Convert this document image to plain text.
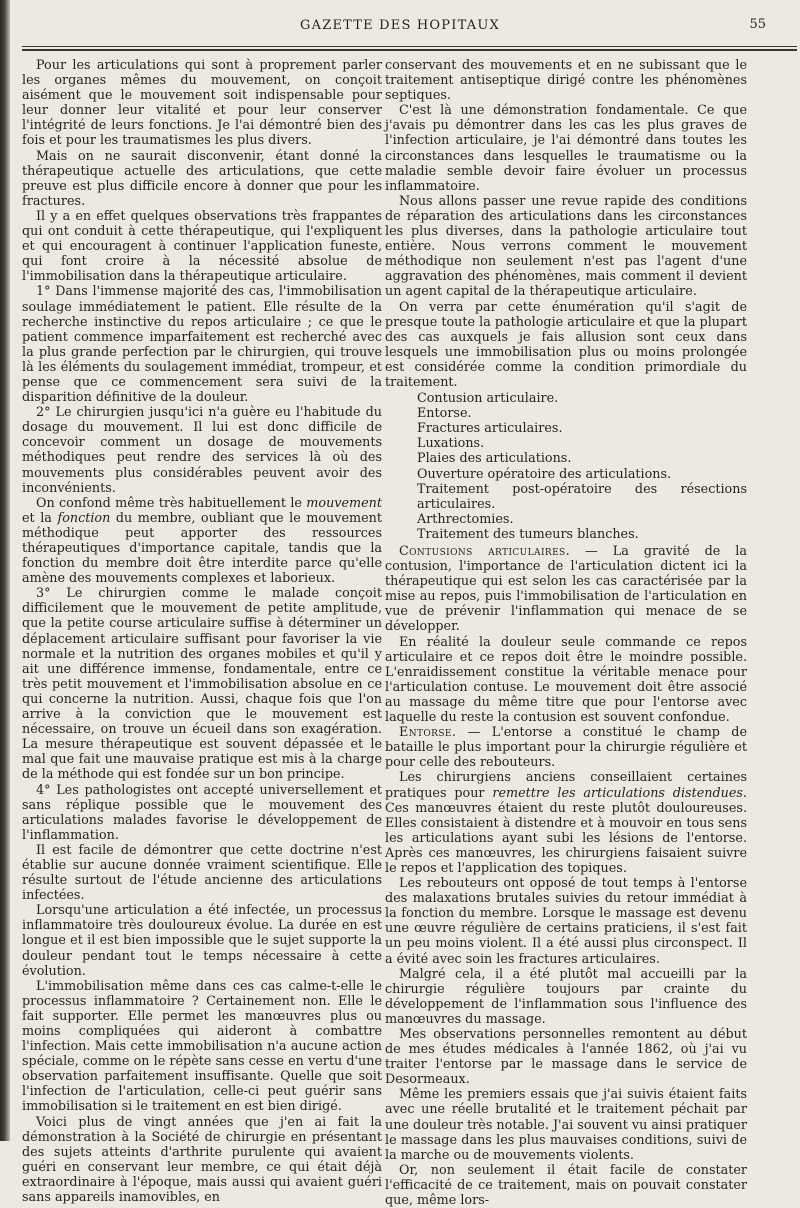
GAZETTE DES HOPITAUX	55

Pour les articulations qui sont à proprement parler les organes mêmes du mouvement, on conçoit aisément que le mouvement soit indispensable pour leur donner leur vitalité et pour leur conserver l'intégrité de leurs fonctions. Je l'ai démontré bien des fois et pour les traumatismes les plus divers.

Mais on ne saurait disconvenir, étant donné la thérapeutique actuelle des articulations, que cette preuve est plus difficile encore à donner que pour les fractures.

Il y a en effet quelques observations très frappantes qui ont conduit à cette thérapeutique, qui l'expliquent et qui encouragent à continuer l'application funeste, qui font croire à la nécessité absolue de l'immobilisation dans la thérapeutique articulaire.

1° Dans l'immense majorité des cas, l'immobilisation soulage immédiatement le patient. Elle résulte de la recherche instinctive du repos articulaire ; ce que le patient commence imparfaitement est recherché avec la plus grande perfection par le chirurgien, qui trouve là les éléments du soulagement immédiat, trompeur, et pense que ce commencement sera suivi de la disparition définitive de la douleur.

2° Le chirurgien jusqu'ici n'a guère eu l'habitude du dosage du mouvement. Il lui est donc difficile de concevoir comment un dosage de mouvements méthodiques peut rendre des services là où des mouvements plus considérables peuvent avoir des inconvénients.

On confond même très habituellement le mouvement et la fonction du membre, oubliant que le mouvement méthodique peut apporter des ressources thérapeutiques d'importance capitale, tandis que la fonction du membre doit être interdite parce qu'elle amène des mouvements complexes et laborieux.

3° Le chirurgien comme le malade conçoit difficilement que le mouvement de petite amplitude, que la petite course articulaire suffise à déterminer un déplacement articulaire suffisant pour favoriser la vie normale et la nutrition des organes mobiles et qu'il y ait une différence immense, fondamentale, entre ce très petit mouvement et l'immobilisation absolue en ce qui concerne la nutrition. Aussi, chaque fois que l'on arrive à la conviction que le mouvement est nécessaire, on trouve un écueil dans son exagération. La mesure thérapeutique est souvent dépassée et le mal que fait une mauvaise pratique est mis à la charge de la méthode qui est fondée sur un bon principe.

4° Les pathologistes ont accepté universellement et sans réplique possible que le mouvement des articulations malades favorise le développement de l'inflammation.

Il est facile de démontrer que cette doctrine n'est établie sur aucune donnée vraiment scientifique. Elle résulte surtout de l'étude ancienne des articulations infectées.

Lorsqu'une articulation a été infectée, un processus inflammatoire très douloureux évolue. La durée en est longue et il est bien impossible que le sujet supporte la douleur pendant tout le temps nécessaire à cette évolution.

L'immobilisation même dans ces cas calme-t-elle le processus inflammatoire ? Certainement non. Elle le fait supporter. Elle permet les manœuvres plus ou moins compliquées qui aideront à combattre l'infection. Mais cette immobilisation n'a aucune action spéciale, comme on le répète sans cesse en vertu d'une observation parfaitement insuffisante. Quelle que soit l'infection de l'articulation, celle-ci peut guérir sans immobilisation si le traitement en est bien dirigé.

Voici plus de vingt années que j'en ai fait la démonstration à la Société de chirurgie en présentant des sujets atteints d'arthrite purulente qui avaient guéri en conservant leur membre, ce qui était déjà extraordinaire à l'époque, mais aussi qui avaient guéri sans appareils inamovibles, en

conservant des mouvements et en ne subissant que le traitement antiseptique dirigé contre les phénomènes septiques.

C'est là une démonstration fondamentale. Ce que j'avais pu démontrer dans les cas les plus graves de l'infection articulaire, je l'ai démontré dans toutes les circonstances dans lesquelles le traumatisme ou la maladie semble devoir faire évoluer un processus inflammatoire.

Nous allons passer une revue rapide des conditions de réparation des articulations dans les circonstances les plus diverses, dans la pathologie articulaire tout entière. Nous verrons comment le mouvement méthodique non seulement n'est pas l'agent d'une aggravation des phénomènes, mais comment il devient un agent capital de la thérapeutique articulaire.

On verra par cette énumération qu'il s'agit de presque toute la pathologie articulaire et que la plupart des cas auxquels je fais allusion sont ceux dans lesquels une immobilisation plus ou moins prolongée est considérée comme la condition primordiale du traitement.

Contusion articulaire.
Entorse.
Fractures articulaires.
Luxations.
Plaies des articulations.
Ouverture opératoire des articulations.
Traitement post-opératoire des résections articulaires.
Arthrectomies.
Traitement des tumeurs blanches.

Contusions articulaires. — La gravité de la contusion, l'importance de l'articulation dictent ici la thérapeutique qui est selon les cas caractérisée par la mise au repos, puis l'immobilisation de l'articulation en vue de prévenir l'inflammation qui menace de se développer.

En réalité la douleur seule commande ce repos articulaire et ce repos doit être le moindre possible. L'enraidissement constitue la véritable menace pour l'articulation contuse. Le mouvement doit être associé au massage du même titre que pour l'entorse avec laquelle du reste la contusion est souvent confondue.

Entorse. — L'entorse a constitué le champ de bataille le plus important pour la chirurgie régulière et pour celle des rebouteurs.

Les chirurgiens anciens conseillaient certaines pratiques pour remettre les articulations distendues. Ces manœuvres étaient du reste plutôt douloureuses. Elles consistaient à distendre et à mouvoir en tous sens les articulations ayant subi les lésions de l'entorse. Après ces manœuvres, les chirurgiens faisaient suivre le repos et l'application des topiques.

Les rebouteurs ont opposé de tout temps à l'entorse des malaxations brutales suivies du retour immédiat à la fonction du membre. Lorsque le massage est devenu une œuvre régulière de certains praticiens, il s'est fait un peu moins violent. Il a été aussi plus circonspect. Il a évité avec soin les fractures articulaires.

Malgré cela, il a été plutôt mal accueilli par la chirurgie régulière toujours par crainte du développement de l'inflammation sous l'influence des manœuvres du massage.

Mes observations personnelles remontent au début de mes études médicales à l'année 1862, où j'ai vu traiter l'entorse par le massage dans le service de Desormeaux.

Même les premiers essais que j'ai suivis étaient faits avec une réelle brutalité et le traitement péchait par une douleur très notable. J'ai souvent vu ainsi pratiquer le massage dans les plus mauvaises conditions, suivi de la marche ou de mouvements violents.

Or, non seulement il était facile de constater l'efficacité de ce traitement, mais on pouvait constater que, même lors-
